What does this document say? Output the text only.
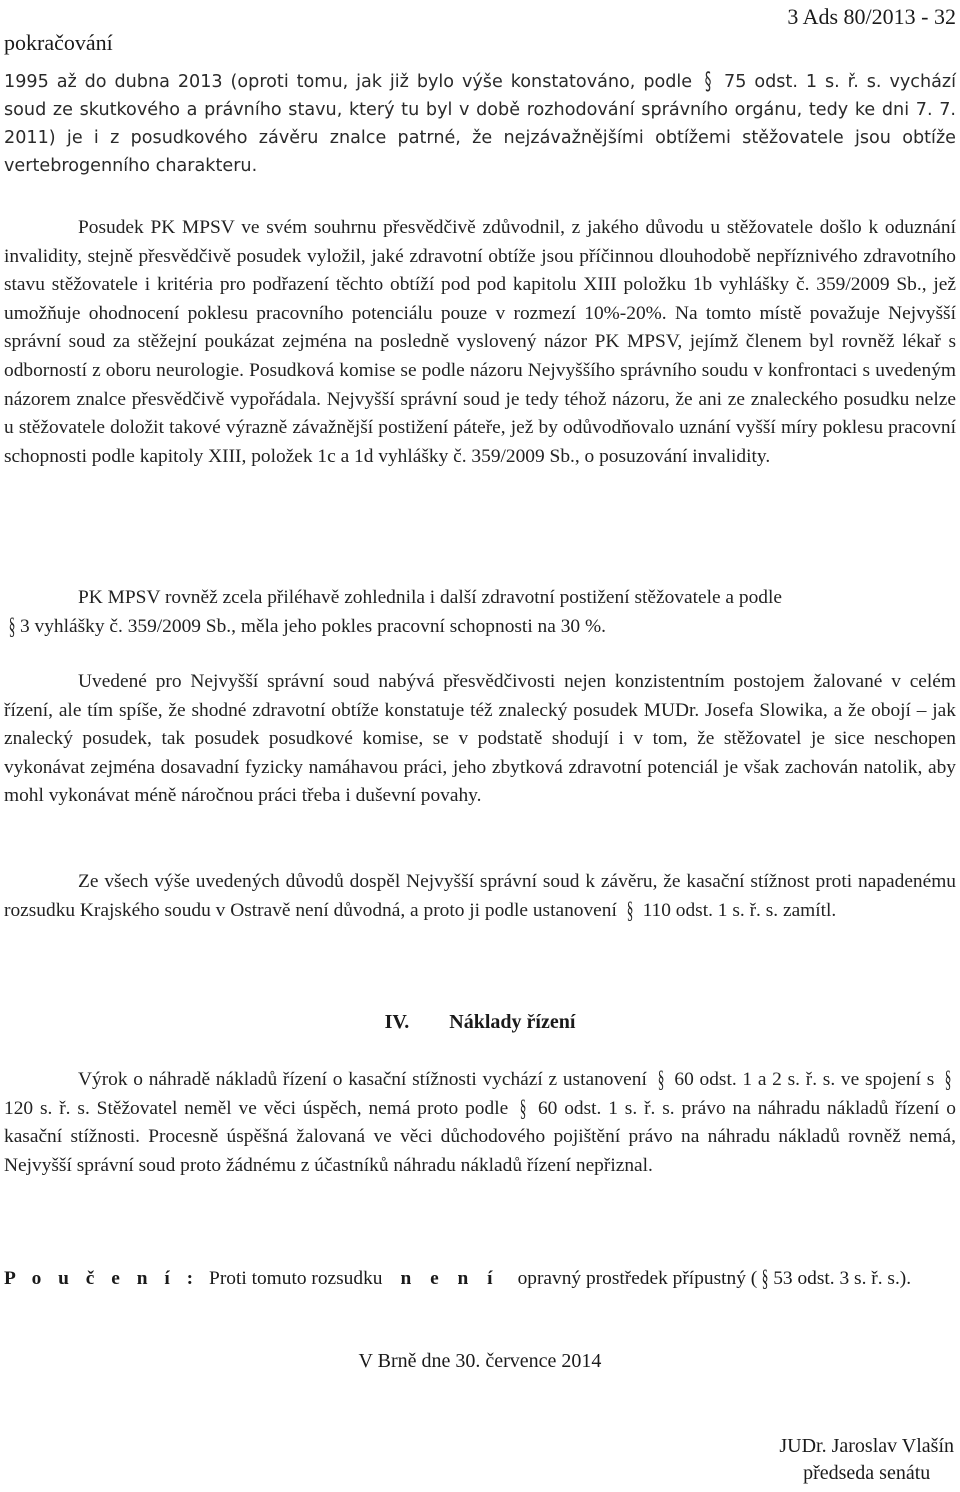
pokračování
3 Ads 80/2013 - 32
1995 až do dubna 2013 (oproti tomu, jak již bylo výše konstatováno, podle § 75 odst. 1 s. ř. s. vychází soud ze skutkového a právního stavu, který tu byl v době rozhodování správního orgánu, tedy ke dni 7. 7. 2011) je i z posudkového závěru znalce patrné, že nejzávažnějšími obtížemi stěžovatele jsou obtíže vertebrogenního charakteru.
Posudek PK MPSV ve svém souhrnu přesvědčivě zdůvodnil, z jakého důvodu u stěžovatele došlo k oduznání invalidity, stejně přesvědčivě posudek vyložil, jaké zdravotní obtíže jsou příčinnou dlouhodobě nepříznivého zdravotního stavu stěžovatele i kritéria pro podřazení těchto obtíží pod pod kapitolu XIII položku 1b vyhlášky č. 359/2009 Sb., jež umožňuje ohodnocení poklesu pracovního potenciálu pouze v rozmezí 10%-20%. Na tomto místě považuje Nejvyšší správní soud za stěžejní poukázat zejména na posledně vyslovený názor PK MPSV, jejímž členem byl rovněž lékař s odborností z oboru neurologie. Posudková komise se podle názoru Nejvyššího správního soudu v konfrontaci s uvedeným názorem znalce přesvědčivě vypořádala. Nejvyšší správní soud je tedy téhož názoru, že ani ze znaleckého posudku nelze u stěžovatele doložit takové výrazně závažnější postižení páteře, jež by odůvodňovalo uznání vyšší míry poklesu pracovní schopnosti podle kapitoly XIII, položek 1c a 1d vyhlášky č. 359/2009 Sb., o posuzování invalidity.
PK MPSV rovněž zcela přiléhavě zohlednila i další zdravotní postižení stěžovatele a podle
§ 3 vyhlášky č. 359/2009 Sb., měla jeho pokles pracovní schopnosti na 30 %.
Uvedené pro Nejvyšší správní soud nabývá přesvědčivosti nejen konzistentním postojem žalované v celém řízení, ale tím spíše, že shodné zdravotní obtíže konstatuje též znalecký posudek MUDr. Josefa Slowika, a že obojí – jak znalecký posudek, tak posudek posudkové komise, se v podstatě shodují i v tom, že stěžovatel je sice neschopen vykonávat zejména dosavadní fyzicky namáhavou práci, jeho zbytková zdravotní potenciál je však zachován natolik, aby mohl vykonávat méně náročnou práci třeba i duševní povahy.
Ze všech výše uvedených důvodů dospěl Nejvyšší správní soud k závěru, že kasační stížnost proti napadenému rozsudku Krajského soudu v Ostravě není důvodná, a proto ji podle ustanovení § 110 odst. 1 s. ř. s. zamítl.
IV. Náklady řízení
Výrok o náhradě nákladů řízení o kasační stížnosti vychází z ustanovení § 60 odst. 1 a 2 s. ř. s. ve spojení s § 120 s. ř. s. Stěžovatel neměl ve věci úspěch, nemá proto podle § 60 odst. 1 s. ř. s. právo na náhradu nákladů řízení o kasační stížnosti. Procesně úspěšná žalovaná ve věci důchodového pojištění právo na náhradu nákladů rovněž nemá, Nejvyšší správní soud proto žádnému z účastníků náhradu nákladů řízení nepřiznal.
P o u č e n í : Proti tomuto rozsudku n e n í opravný prostředek přípustný ( § 53 odst. 3 s. ř. s.).
V Brně dne 30. července 2014
JUDr. Jaroslav Vlašín
předseda senátu
